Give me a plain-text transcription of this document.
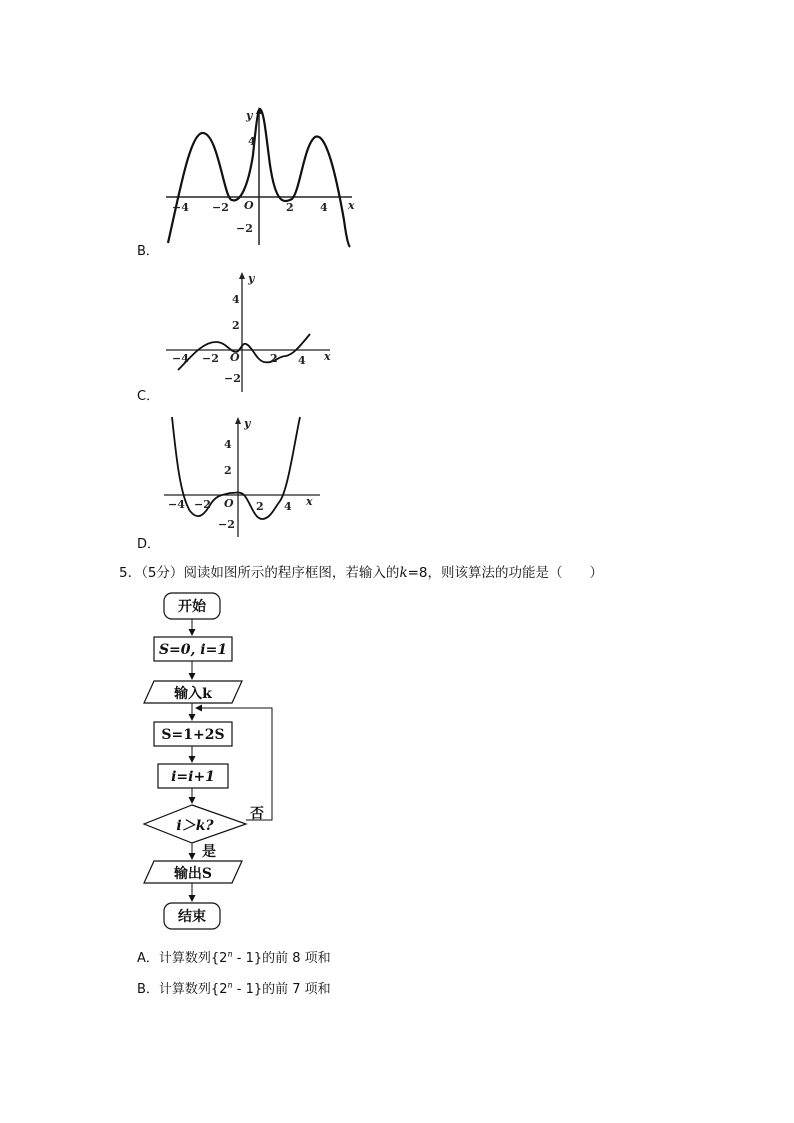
−4 −2 O	2 4 x
y
4
−2
B．
−4 −2 O	2 4 x
y
4
2
−2
C．
−4 −2 O 2 4 x
y
4
2
−2
D．
5．（5分）阅读如图所示的程序框图，若输入的k=8，则该算法的功能是（　　）
开始
S=0, i=1
输入k
S=1+2S
i=i+1
i＞k?
否
是
输出S
结束
A．计算数列{2$^n$ - 1}的前 8 项和
B．计算数列{2$^n$ - 1}的前 7 项和
